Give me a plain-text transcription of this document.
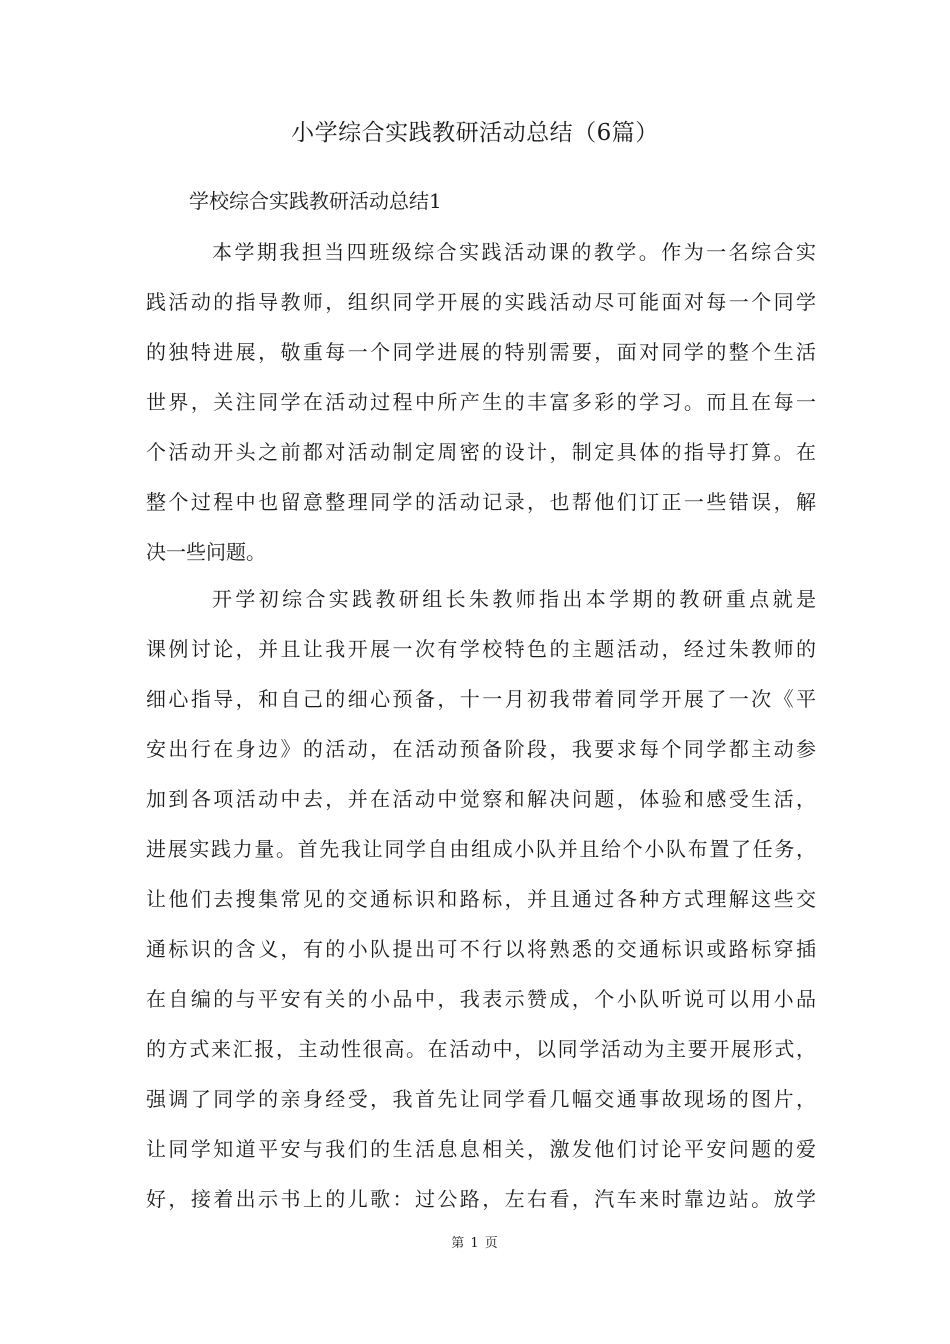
小学综合实践教研活动总结（6篇）
学校综合实践教研活动总结1
本学期我担当四班级综合实践活动课的教学。作为一名综合实
践活动的指导教师，组织同学开展的实践活动尽可能面对每一个同学
的独特进展，敬重每一个同学进展的特别需要，面对同学的整个生活
世界，关注同学在活动过程中所产生的丰富多彩的学习。而且在每一
个活动开头之前都对活动制定周密的设计，制定具体的指导打算。在
整个过程中也留意整理同学的活动记录，也帮他们订正一些错误，解
决一些问题。
开学初综合实践教研组长朱教师指出本学期的教研重点就是
课例讨论，并且让我开展一次有学校特色的主题活动，经过朱教师的
细心指导，和自己的细心预备，十一月初我带着同学开展了一次《平
安出行在身边》的活动，在活动预备阶段，我要求每个同学都主动参
加到各项活动中去，并在活动中觉察和解决问题，体验和感受生活，
进展实践力量。首先我让同学自由组成小队并且给个小队布置了任务，
让他们去搜集常见的交通标识和路标，并且通过各种方式理解这些交
通标识的含义，有的小队提出可不行以将熟悉的交通标识或路标穿插
在自编的与平安有关的小品中，我表示赞成，个小队听说可以用小品
的方式来汇报，主动性很高。在活动中，以同学活动为主要开展形式，
强调了同学的亲身经受，我首先让同学看几幅交通事故现场的图片，
让同学知道平安与我们的生活息息相关，激发他们讨论平安问题的爱
好，接着出示书上的儿歌：过公路，左右看，汽车来时靠边站。放学
第 1 页
